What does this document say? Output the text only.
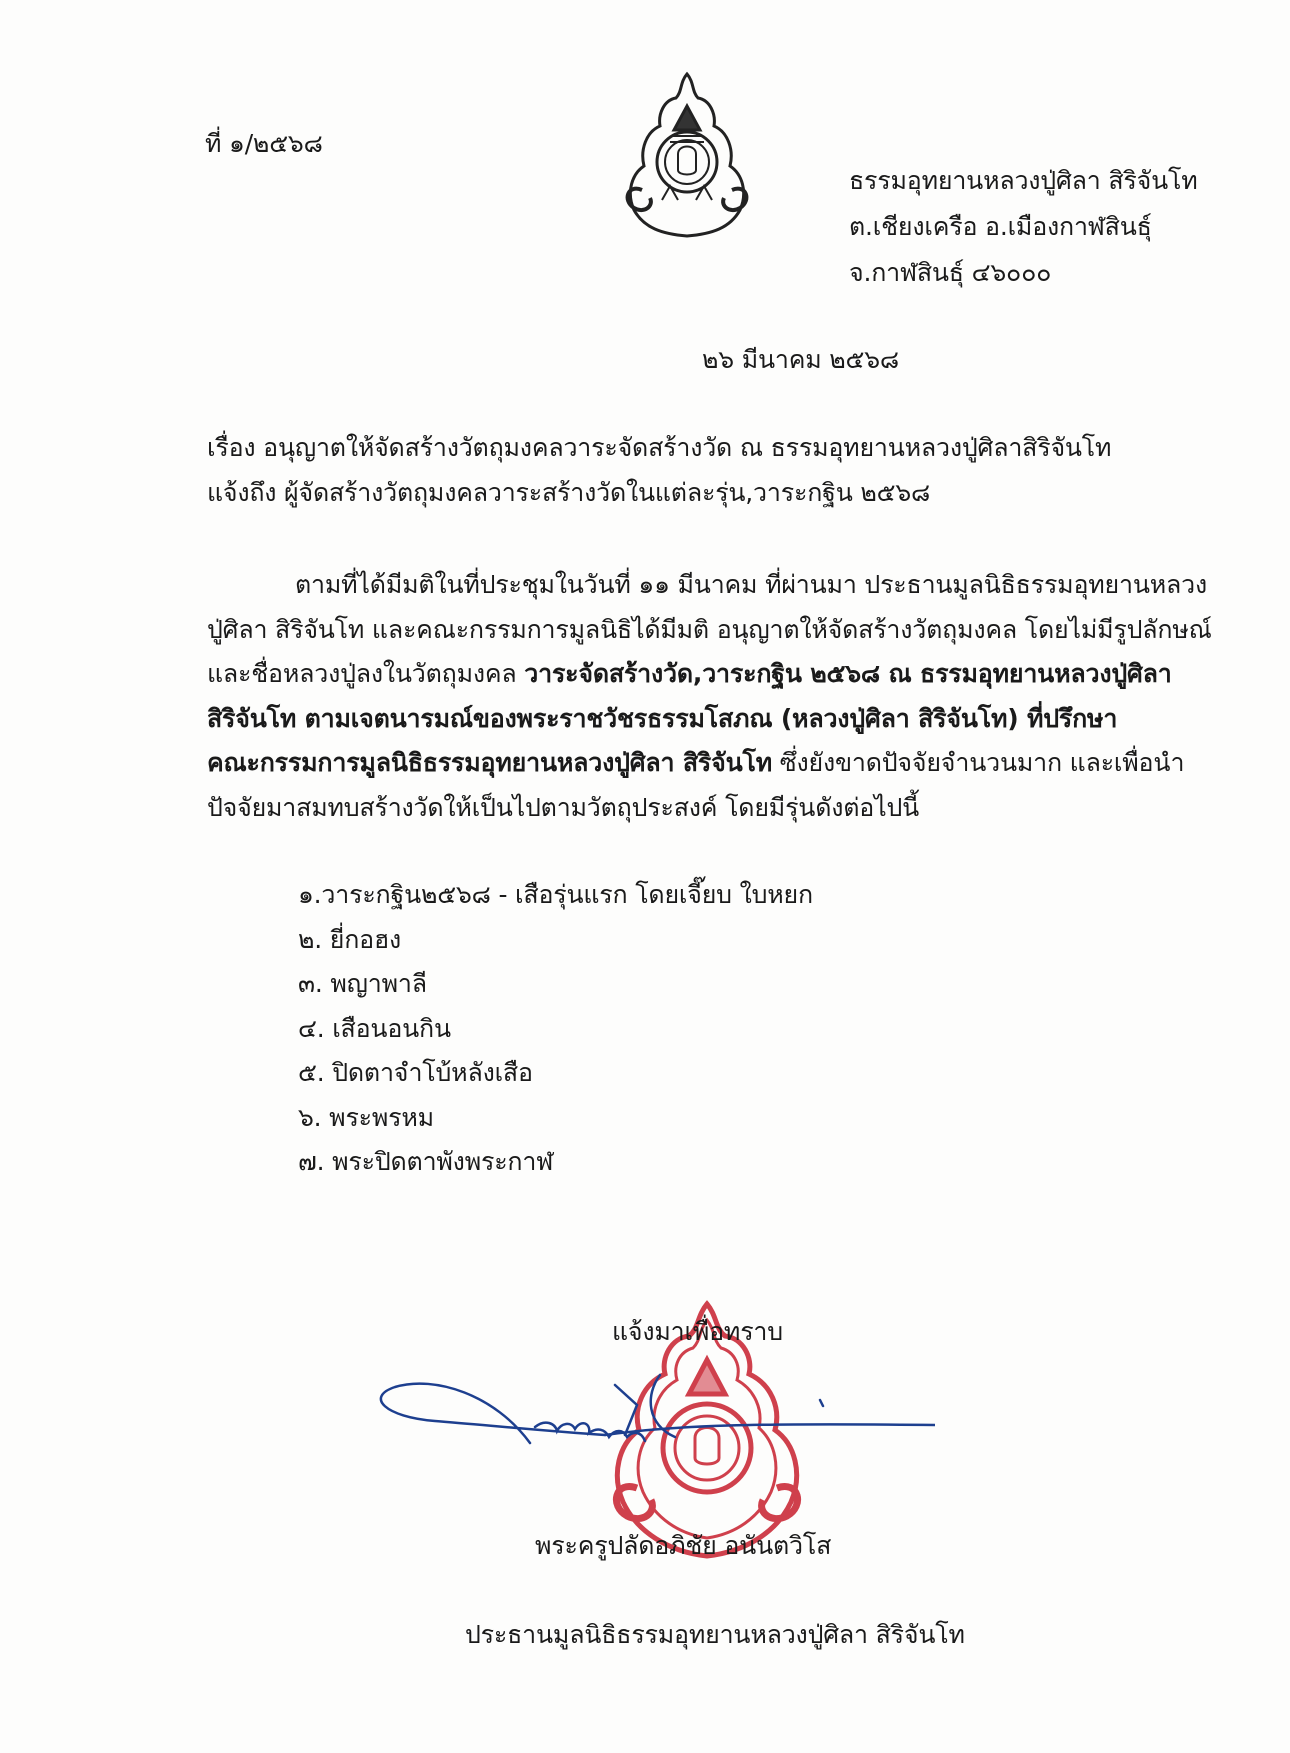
ที่ ๑/๒๕๖๘
ธรรมอุทยานหลวงปู่ศิลา สิริจันโท
ต.เชียงเครือ อ.เมืองกาฬสินธุ์
จ.กาฬสินธุ์ ๔๖๐๐๐
๒๖ มีนาคม ๒๕๖๘
เรื่อง อนุญาตให้จัดสร้างวัตถุมงคลวาระจัดสร้างวัด ณ ธรรมอุทยานหลวงปู่ศิลาสิริจันโท
แจ้งถึง ผู้จัดสร้างวัตถุมงคลวาระสร้างวัดในแต่ละรุ่น,วาระกฐิน ๒๕๖๘
ตามที่ได้มีมติในที่ประชุมในวันที่ ๑๑ มีนาคม ที่ผ่านมา ประธานมูลนิธิธรรมอุทยานหลวง
ปู่ศิลา สิริจันโท และคณะกรรมการมูลนิธิได้มีมติ อนุญาตให้จัดสร้างวัตถุมงคล โดยไม่มีรูปลักษณ์
และชื่อหลวงปู่ลงในวัตถุมงคล วาระจัดสร้างวัด,วาระกฐิน ๒๕๖๘ ณ ธรรมอุทยานหลวงปู่ศิลา
สิริจันโท ตามเจตนารมณ์ของพระราชวัชรธรรมโสภณ (หลวงปู่ศิลา สิริจันโท) ที่ปรึกษา
คณะกรรมการมูลนิธิธรรมอุทยานหลวงปู่ศิลา สิริจันโท ซึ่งยังขาดปัจจัยจำนวนมาก และเพื่อนำ
ปัจจัยมาสมทบสร้างวัดให้เป็นไปตามวัตถุประสงค์ โดยมีรุ่นดังต่อไปนี้
๑.วาระกฐิน๒๕๖๘ - เสือรุ่นแรก โดยเจี๊ยบ ใบหยก
๒. ยี่กอฮง
๓. พญาพาลี
๔. เสือนอนกิน
๕. ปิดตาจำโบ้หลังเสือ
๖. พระพรหม
๗. พระปิดตาพังพระกาฬ
แจ้งมาเพื่อทราบ
พระครูปลัดอภิชัย อนันตวิโส
ประธานมูลนิธิธรรมอุทยานหลวงปู่ศิลา สิริจันโท
